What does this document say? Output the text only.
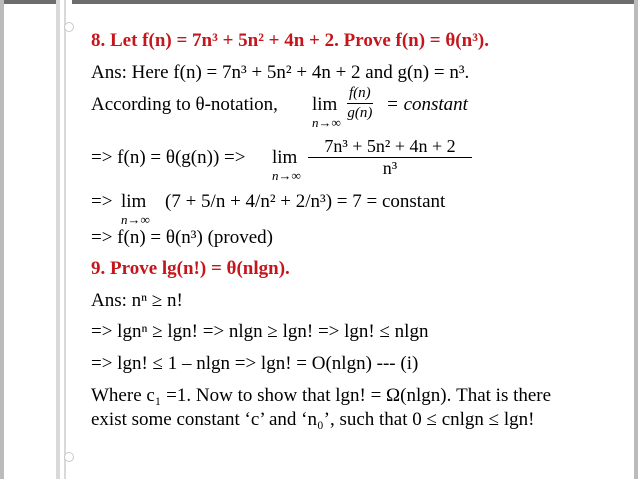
8. Let f(n) = 7n³ + 5n² + 4n + 2. Prove f(n) = θ(n³).
Ans: Here f(n) = 7n³ + 5n² + 4n + 2 and g(n) = n³.
According to θ-notation, lim
$n\to\infty \frac{f(n)}{g(n)}$ = constant
=> f(n) = θ(g(n)) => lim
$n\to\infty \frac{\text{7n³ + 5n² + 4n + 2}}{\text{n³}}$
=> lim
n→∞
(7 + 5/n + 4/n² + 2/n³) = 7 = constant
=> f(n) = θ(n³) (proved)
9. Prove lg(n!) = θ(nlgn).
Ans: nⁿ ≥ n!
=> lgnⁿ ≥ lgn! => nlgn ≥ lgn! => lgn! ≤ nlgn
=> lgn! ≤ 1 – nlgn => lgn! = O(nlgn) --- (i)
Where c₁ =1. Now to show that lgn! = Ω(nlgn). That is there
exist some constant ‘c’ and ‘n₀’, such that 0 ≤ cnlgn ≤ lgn!
